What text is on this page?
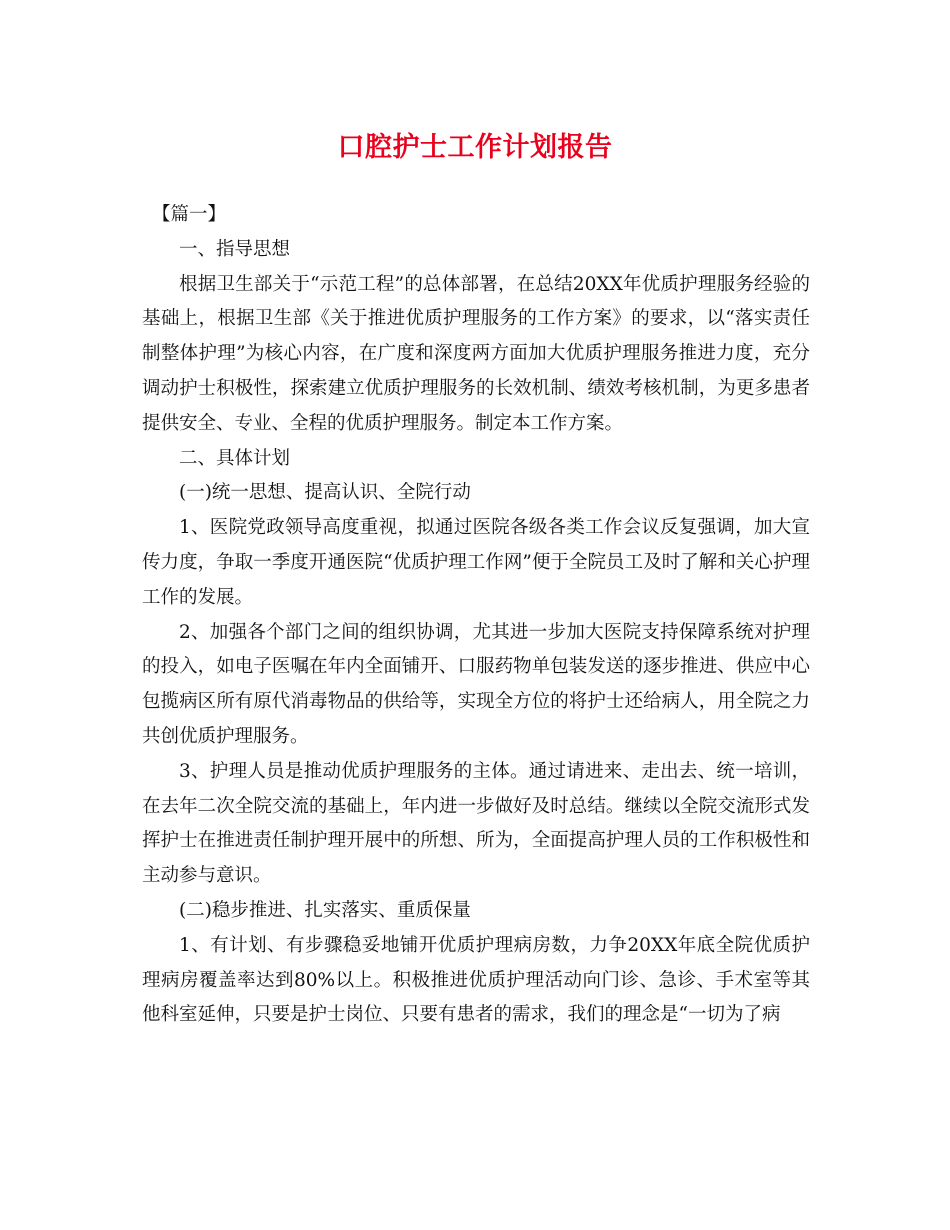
口腔护士工作计划报告

【篇一】

一、指导思想

根据卫生部关于“示范工程”的总体部署，在总结20XX年优质护理服务经验的基础上，根据卫生部《关于推进优质护理服务的工作方案》的要求，以“落实责任制整体护理”为核心内容，在广度和深度两方面加大优质护理服务推进力度，充分调动护士积极性，探索建立优质护理服务的长效机制、绩效考核机制，为更多患者提供安全、专业、全程的优质护理服务。制定本工作方案。

二、具体计划

(一)统一思想、提高认识、全院行动

1、医院党政领导高度重视，拟通过医院各级各类工作会议反复强调，加大宣传力度，争取一季度开通医院“优质护理工作网”便于全院员工及时了解和关心护理工作的发展。

2、加强各个部门之间的组织协调，尤其进一步加大医院支持保障系统对护理的投入，如电子医嘱在年内全面铺开、口服药物单包装发送的逐步推进、供应中心包揽病区所有原代消毒物品的供给等，实现全方位的将护士还给病人，用全院之力共创优质护理服务。

3、护理人员是推动优质护理服务的主体。通过请进来、走出去、统一培训，在去年二次全院交流的基础上，年内进一步做好及时总结。继续以全院交流形式发挥护士在推进责任制护理开展中的所想、所为，全面提高护理人员的工作积极性和主动参与意识。

(二)稳步推进、扎实落实、重质保量

1、有计划、有步骤稳妥地铺开优质护理病房数，力争20XX年底全院优质护理病房覆盖率达到80%以上。积极推进优质护理活动向门诊、急诊、手术室等其他科室延伸，只要是护士岗位、只要有患者的需求，我们的理念是“一切为了病
